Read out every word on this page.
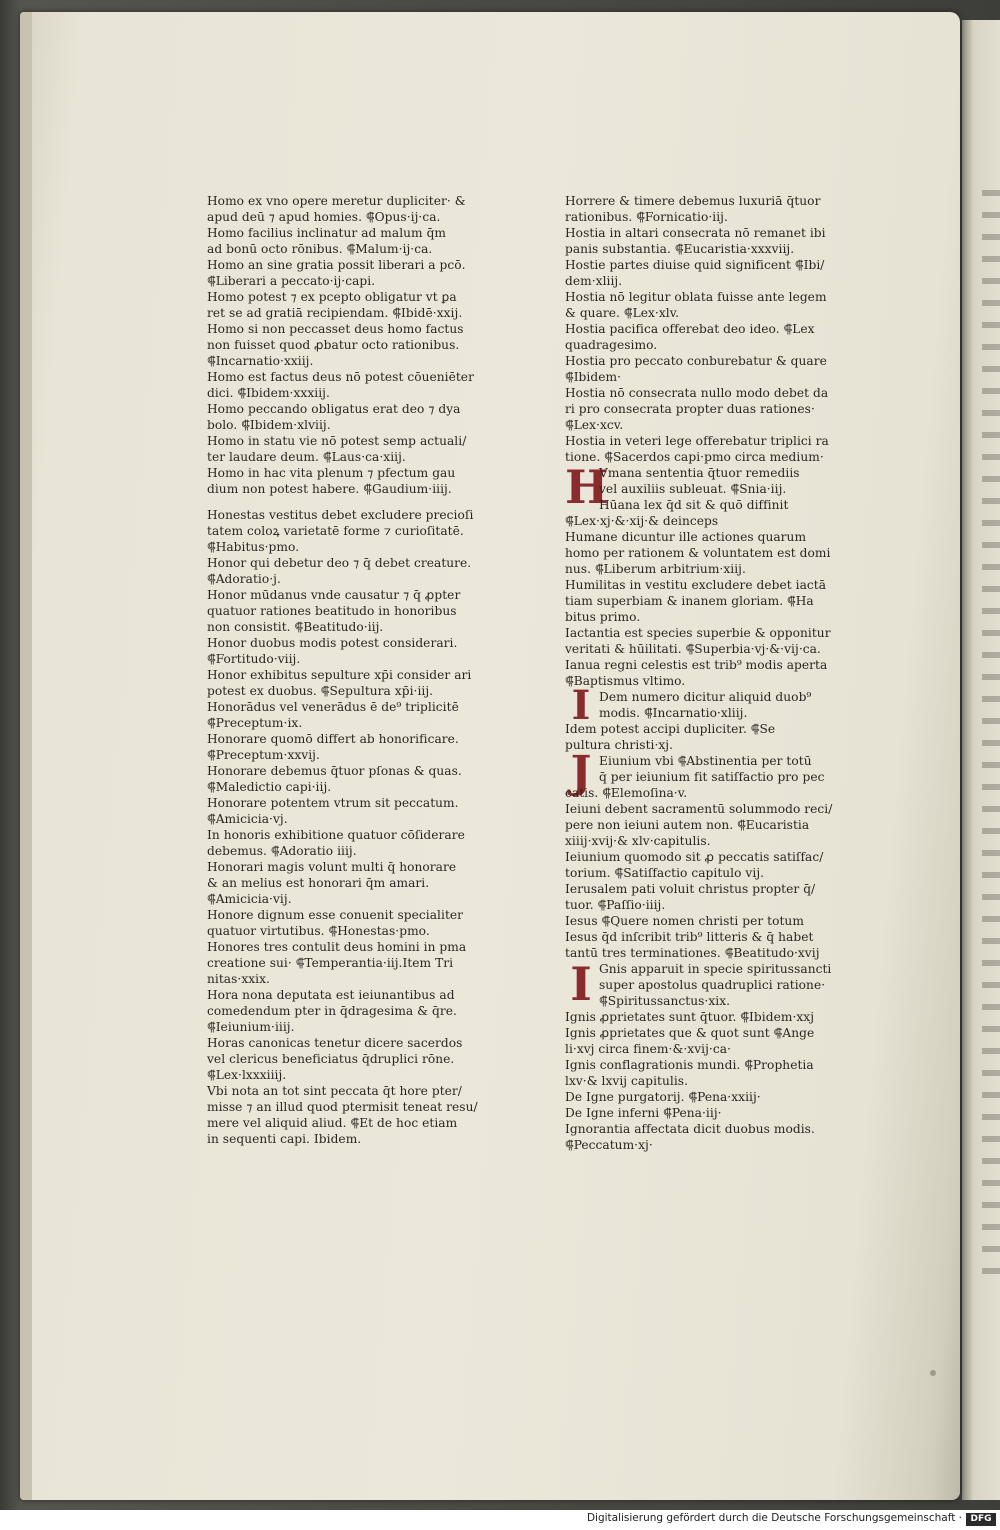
Homo ex vno opere meretur dupliciter· &
apud deū ⁊ apud homies. ⸿Opus·ij·ca.
Homo facilius inclinatur ad malum q̄m
ad bonū octo rōnibus. ⸿Malum·ij·ca.
Homo an sine gratia possit liberari a pcō.
⸿Liberari a peccato·ij·capi.
Homo potest ⁊ ex pcepto obligatur vt ꝑa
ret se ad gratiā recipiendam. ⸿Ibidē·xxij.
Homo si non peccasset deus homo factus
non fuisset quod ꝓbatur octo rationibus.
⸿Incarnatio·xxiij.
Homo est factus deus nō potest cōueniēter
dici. ⸿Ibidem·xxxiij.
Homo peccando obligatus erat deo ⁊ dya
bolo. ⸿Ibidem·xlviij.
Homo in statu vie nō potest semp actuali/
ter laudare deum. ⸿Laus·ca·xiij.
Homo in hac vita plenum ⁊ pfectum gau
dium non potest habere. ⸿Gaudium·iiij.
Honestas vestitus debet excludere precioſi
tatem coloꝝ varietatē forme ⁊ curioſitatē.
⸿Habitus·pmo.
Honor qui debetur deo ⁊ q̄ debet creature.
⸿Adoratio·j.
Honor mūdanus vnde causatur ⁊ q̄ ꝓpter
quatuor rationes beatitudo in honoribus
non consistit. ⸿Beatitudo·iij.
Honor duobus modis potest considerari.
⸿Fortitudo·viij.
Honor exhibitus sepulture xp̄i consider ari
potest ex duobus. ⸿Sepultura xp̄i·iij.
Honorādus vel venerādus ē de⁹ triplicitē
⸿Preceptum·ix.
Honorare quomō differt ab honorificare.
⸿Preceptum·xxvij.
Honorare debemus q̄tuor pſonas & quas.
⸿Maledictio capi·iij.
Honorare potentem vtrum sit peccatum.
⸿Amicicia·vj.
In honoris exhibitione quatuor cōſiderare
debemus. ⸿Adoratio iiij.
Honorari magis volunt multi q̄ honorare
& an melius est honorari q̄m amari.
⸿Amicicia·vij.
Honore dignum esse conuenit specialiter
quatuor virtutibus. ⸿Honestas·pmo.
Honores tres contulit deus homini in pma
creatione sui· ⸿Temperantia·iij.Item Tri
nitas·xxix.
Hora nona deputata est ieiunantibus ad
comedendum pter in q̄dragesima & q̄re.
⸿Ieiunium·iiij.
Horas canonicas tenetur dicere sacerdos
vel clericus beneficiatus q̄druplici rōne.
⸿Lex·lxxxiiij.
Vbi nota an tot sint peccata q̄t hore pter/
misse ⁊ an illud quod ptermisit teneat resu/
mere vel aliquid aliud. ⸿Et de hoc etiam
in sequenti capi. Ibidem.
Horrere & timere debemus luxuriā q̄tuor
rationibus. ⸿Fornicatio·iij.
Hostia in altari consecrata nō remanet ibi
panis substantia. ⸿Eucaristia·xxxviij.
Hostie partes diuise quid significent ⸿Ibi/
dem·xliij.
Hostia nō legitur oblata fuisse ante legem
& quare. ⸿Lex·xlv.
Hostia pacifica offerebat deo ideo. ⸿Lex
quadragesimo.
Hostia pro peccato conburebatur & quare
⸿Ibidem·
Hostia nō consecrata nullo modo debet da
ri pro consecrata propter duas rationes·
⸿Lex·xcv.
Hostia in veteri lege offerebatur triplici ra
tione. ⸿Sacerdos capi·pmo circa medium·
H
Vmana sententia q̄tuor remediis
vel auxiliis subleuat. ⸿Snia·iij.
Hūana lex q̄d sit & quō diffinit
⸿Lex·xj·&·xij·& deinceps
Humane dicuntur ille actiones quarum
homo per rationem & voluntatem est domi
nus. ⸿Liberum arbitrium·xiij.
Humilitas in vestitu excludere debet iactā
tiam superbiam & inanem gloriam. ⸿Ha
bitus primo.
Iactantia est species superbie & opponitur
veritati & hūilitati. ⸿Superbia·vj·&·vij·ca.
Ianua regni celestis est trib⁹ modis aperta
⸿Baptismus vltimo.
I Dem numero dicitur aliquid duob⁹
modis. ⸿Incarnatio·xliij.
Idem potest accipi dupliciter. ⸿Se
pultura christi·xj.
J Eiunium vbi ⸿Abstinentia per totū
q̄ per ieiunium fit satiſfactio pro pec
catis. ⸿Elemoſina·v.
Ieiuni debent sacramentū solummodo reci/
pere non ieiuni autem non. ⸿Eucaristia
xiiij·xvij·& xlv·capitulis.
Ieiunium quomodo sit ꝓ peccatis satiſfac/
torium. ⸿Satiſfactio capitulo vij.
Ierusalem pati voluit christus propter q̄/
tuor. ⸿Paſſio·iiij.
Iesus ⸿Quere nomen christi per totum
Iesus q̄d inſcribit trib⁹ litteris & q̄ habet
tantū tres terminationes. ⸿Beatitudo·xvij
I Gnis apparuit in specie spiritussancti
super apostolus quadruplici ratione·
⸿Spiritussanctus·xix.
Ignis ꝓprietates sunt q̄tuor. ⸿Ibidem·xxj
Ignis ꝓprietates que & quot sunt ⸿Ange
li·xvj circa finem·&·xvij·ca·
Ignis conflagrationis mundi. ⸿Prophetia
lxv·& lxvij capitulis.
De Igne purgatorij. ⸿Pena·xxiij·
De Igne inferni ⸿Pena·iij·
Ignorantia affectata dicit duobus modis.
⸿Peccatum·xj·
Digitalisierung gefördert durch die Deutsche Forschungsgemeinschaft · DFG
